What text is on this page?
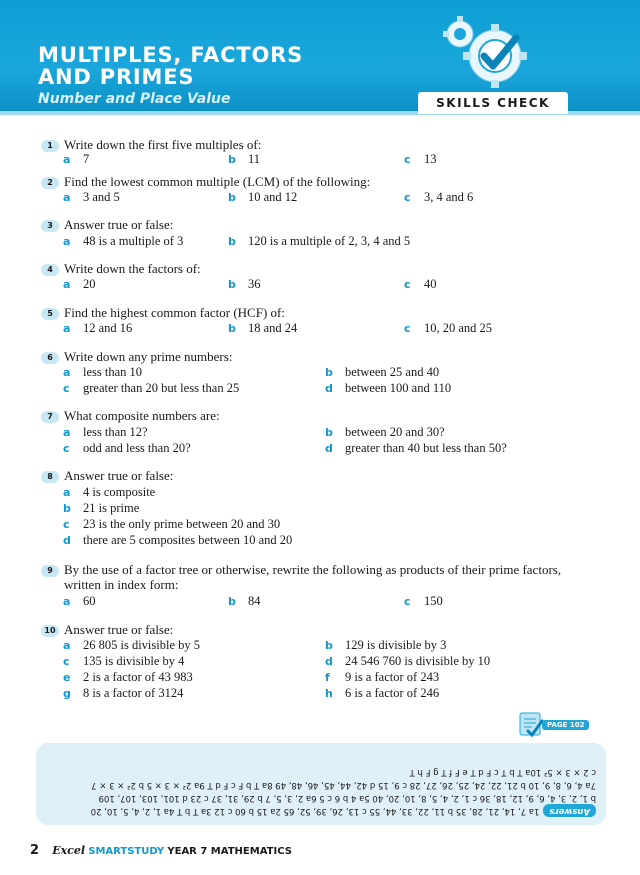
MULTIPLES, FACTORS
AND PRIMES
Number and Place Value	SKILLS CHECK
1 Write down the first five multiples of:
a 7	b 11	c 13
2 Find the lowest common multiple (LCM) of the following:
a 3 and 5	b 10 and 12	c 3, 4 and 6
3 Answer true or false:
a 48 is a multiple of 3	b 120 is a multiple of 2, 3, 4 and 5
4 Write down the factors of:
a 20	b 36	c 40
5 Find the highest common factor (HCF) of:
a 12 and 16	b 18 and 24	c 10, 20 and 25
6 Write down any prime numbers:
a less than 10	b between 25 and 40
c greater than 20 but less than 25	d between 100 and 110
7 What composite numbers are:
a less than 12?	b between 20 and 30?
c odd and less than 20?	d greater than 40 but less than 50?
8 Answer true or false:
a 4 is composite
b 21 is prime
c 23 is the only prime between 20 and 30
d there are 5 composites between 10 and 20
9 By the use of a factor tree or otherwise, rewrite the following as products of their prime factors,
written in index form:
a 60	b 84	c 150
10 Answer true or false:
a 26 805 is divisible by 5	b 129 is divisible by 3
c 135 is divisible by 4	d 24 546 760 is divisible by 10
e 2 is a factor of 43 983	f 9 is a factor of 243
g 8 is a factor of 3124	h 6 is a factor of 246
PAGE 102

Answers1a 7, 14, 21, 28, 35 b 11, 22, 33, 44, 55 c 13, 26, 39, 52, 65 2a 15 b 60 c 12 3a T b T 4a 1, 2, 4, 5, 10, 20

b 1, 2, 3, 4, 6, 9, 12, 18, 36 c 1, 2, 4, 5, 8, 10, 20, 40 5a 4 b 6 c 5 6a 2, 3, 5, 7 b 29, 31, 37 c 23 d 101, 103, 107, 109

7a 4, 6, 8, 9, 10 b 21, 22, 24, 25, 26, 27, 28 c 9, 15 d 42, 44, 45, 46, 48, 49 8a T b F c F d T 9a 2² × 3 × 5 b 2² × 3 × 7

c 2 × 3 × 5² 10a T b T c F d T e F f T g F h T

2 Excel SMARTSTUDY YEAR 7 MATHEMATICS
